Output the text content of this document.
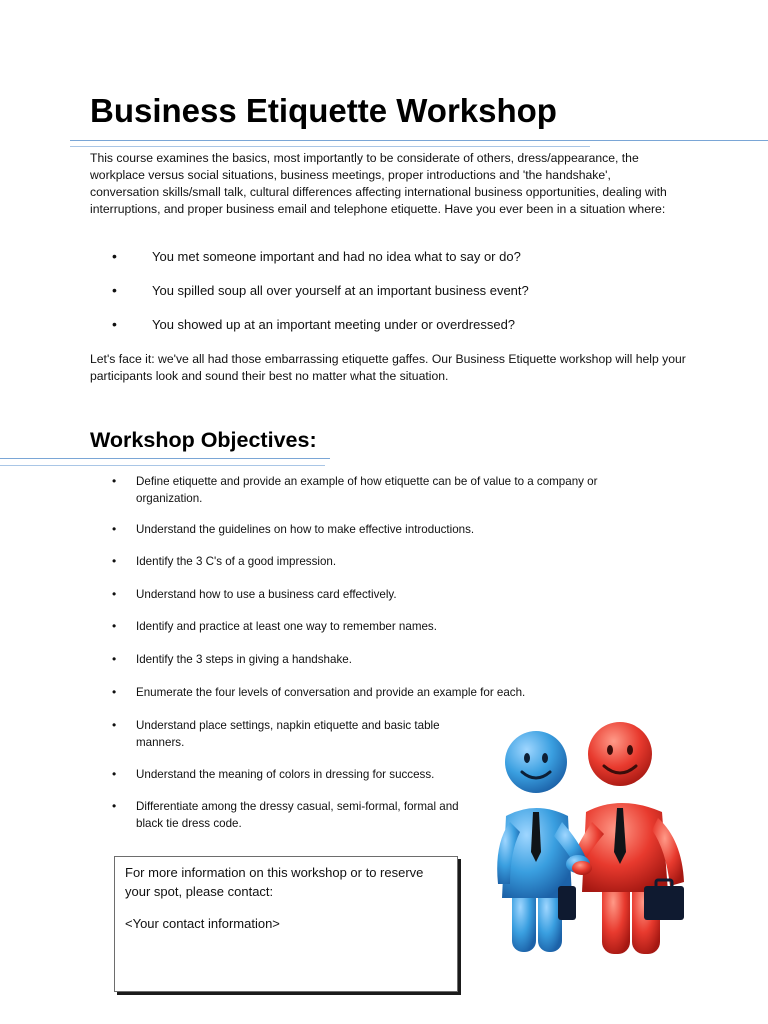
Business Etiquette Workshop

This course examines the basics, most importantly to be considerate of others, dress/appearance, the workplace versus social situations, business meetings, proper introductions and 'the handshake', conversation skills/small talk, cultural differences affecting international business opportunities, dealing with interruptions, and proper business email and telephone etiquette. Have you ever been in a situation where:

• You met someone important and had no idea what to say or do?
• You spilled soup all over yourself at an important business event?
• You showed up at an important meeting under or overdressed?

Let's face it: we've all had those embarrassing etiquette gaffes. Our Business Etiquette workshop will help your participants look and sound their best no matter what the situation.

Workshop Objectives:
• Define etiquette and provide an example of how etiquette can be of value to a company or organization.
• Understand the guidelines on how to make effective introductions.
• Identify the 3 C's of a good impression.
• Understand how to use a business card effectively.
• Identify and practice at least one way to remember names.
• Identify the 3 steps in giving a handshake.
• Enumerate the four levels of conversation and provide an example for each.
• Understand place settings, napkin etiquette and basic table manners.
• Understand the meaning of colors in dressing for success.
• Differentiate among the dressy casual, semi-formal, formal and black tie dress code.

For more information on this workshop or to reserve your spot, please contact:

<Your contact information>
